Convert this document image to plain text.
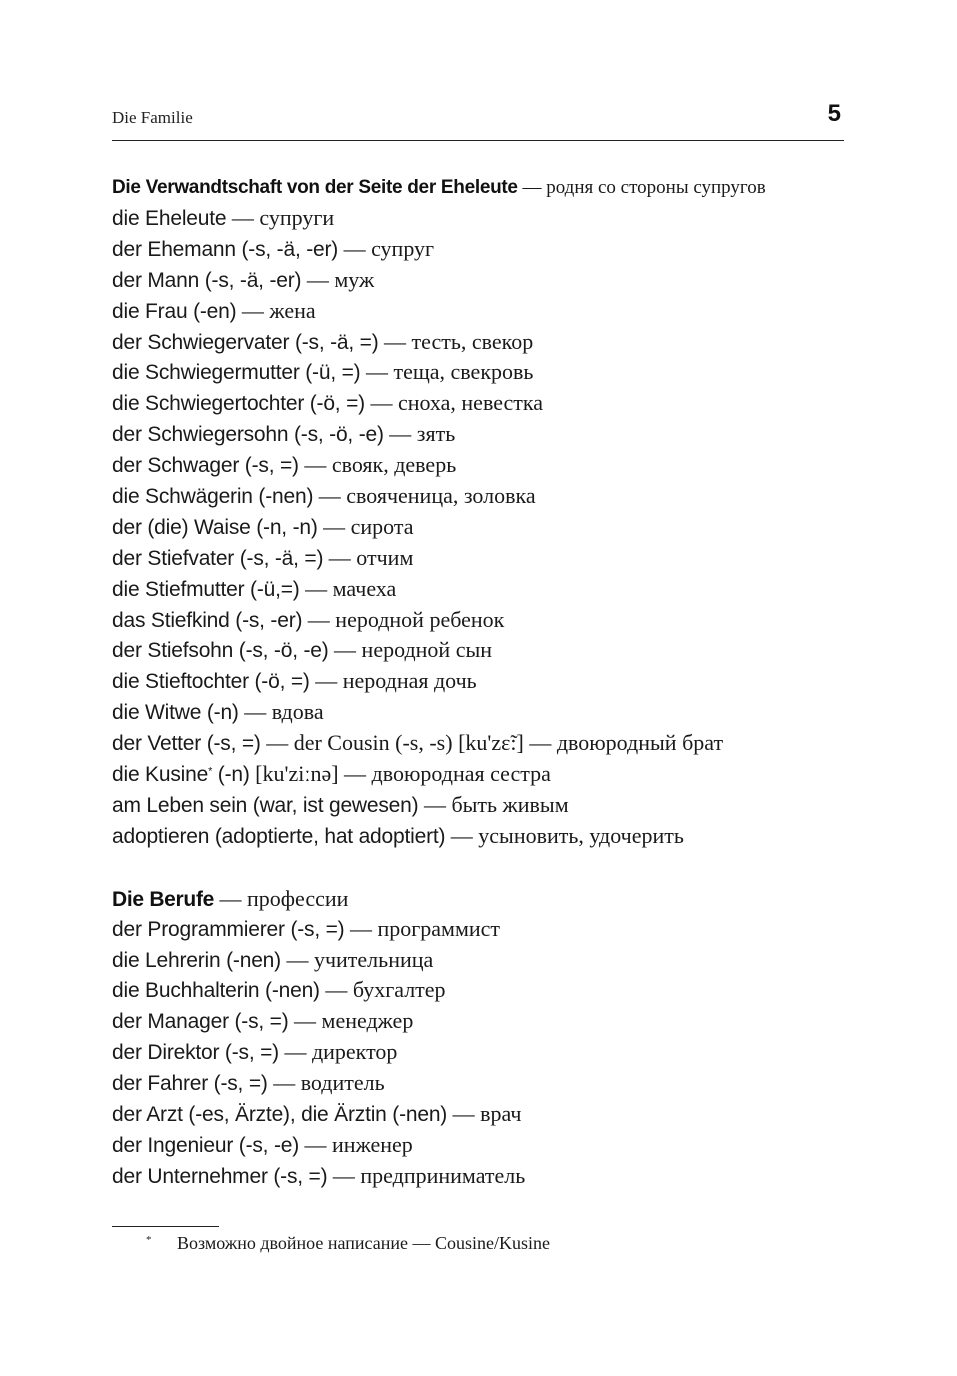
Die Familie	5
Die Verwandtschaft von der Seite der Eheleute — родня со стороны супругов
die Eheleute — супруги
der Ehemann (-s, -ä, -er) — супруг
der Mann (-s, -ä, -er) — муж
die Frau (-en) — жена
der Schwiegervater (-s, -ä, =) — тесть, свекор
die Schwiegermutter (-ü, =) — теща, свекровь
die Schwiegertochter (-ö, =) — сноха, невестка
der Schwiegersohn (-s, -ö, -e) — зять
der Schwager (-s, =) — свояк, деверь
die Schwägerin (-nen) — свояченица, золовка
der (die) Waise (-n, -n) — сирота
der Stiefvater (-s, -ä, =) — отчим
die Stiefmutter (-ü,=) — мачеха
das Stiefkind (-s, -er) — неродной ребенок
der Stiefsohn (-s, -ö, -e) — неродной сын
die Stieftochter (-ö, =) — неродная дочь
die Witwe (-n) — вдова
der Vetter (-s, =) — der Cousin (-s, -s) [ku'zɛ̃:] — двоюродный брат
die Kusine* (-n) [ku'ziːnə] — двоюродная сестра
am Leben sein (war, ist gewesen) — быть живым
adoptieren (adoptierte, hat adoptiert) — усыновить, удочерить
Die Berufe — профессии
der Programmierer (-s, =) — программист
die Lehrerin (-nen) — учительница
die Buchhalterin (-nen) — бухгалтер
der Manager (-s, =) — менеджер
der Direktor (-s, =) — директор
der Fahrer (-s, =) — водитель
der Arzt (-es, Ärzte), die Ärztin (-nen) — врач
der Ingenieur (-s, -e) — инженер
der Unternehmer (-s, =) — предприниматель
* Возможно двойное написание — Cousine/Kusine
